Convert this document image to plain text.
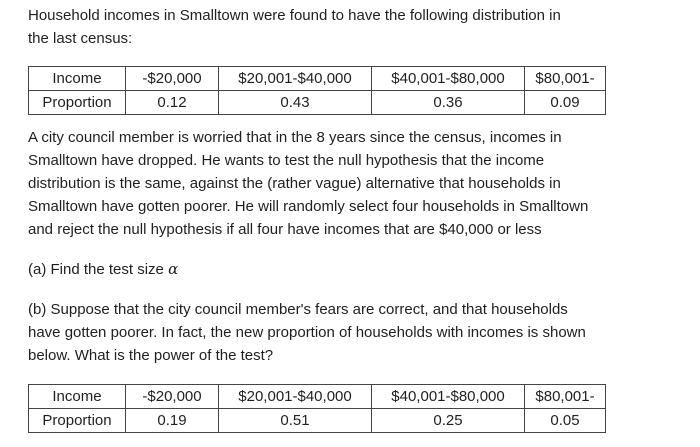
Household incomes in Smalltown were found to have the following distribution in
the last census:

Income	-$20,000	$20,001-$40,000	$40,001-$80,000	$80,001-
Proportion	0.12	0.43	0.36	0.09

A city council member is worried that in the 8 years since the census, incomes in
Smalltown have dropped. He wants to test the null hypothesis that the income
distribution is the same, against the (rather vague) alternative that households in
Smalltown have gotten poorer. He will randomly select four households in Smalltown
and reject the null hypothesis if all four have incomes that are $40,000 or less

(a) Find the test size α

(b) Suppose that the city council member's fears are correct, and that households
have gotten poorer. In fact, the new proportion of households with incomes is shown
below. What is the power of the test?

Income	-$20,000	$20,001-$40,000	$40,001-$80,000	$80,001-
Proportion	0.19	0.51	0.25	0.05
